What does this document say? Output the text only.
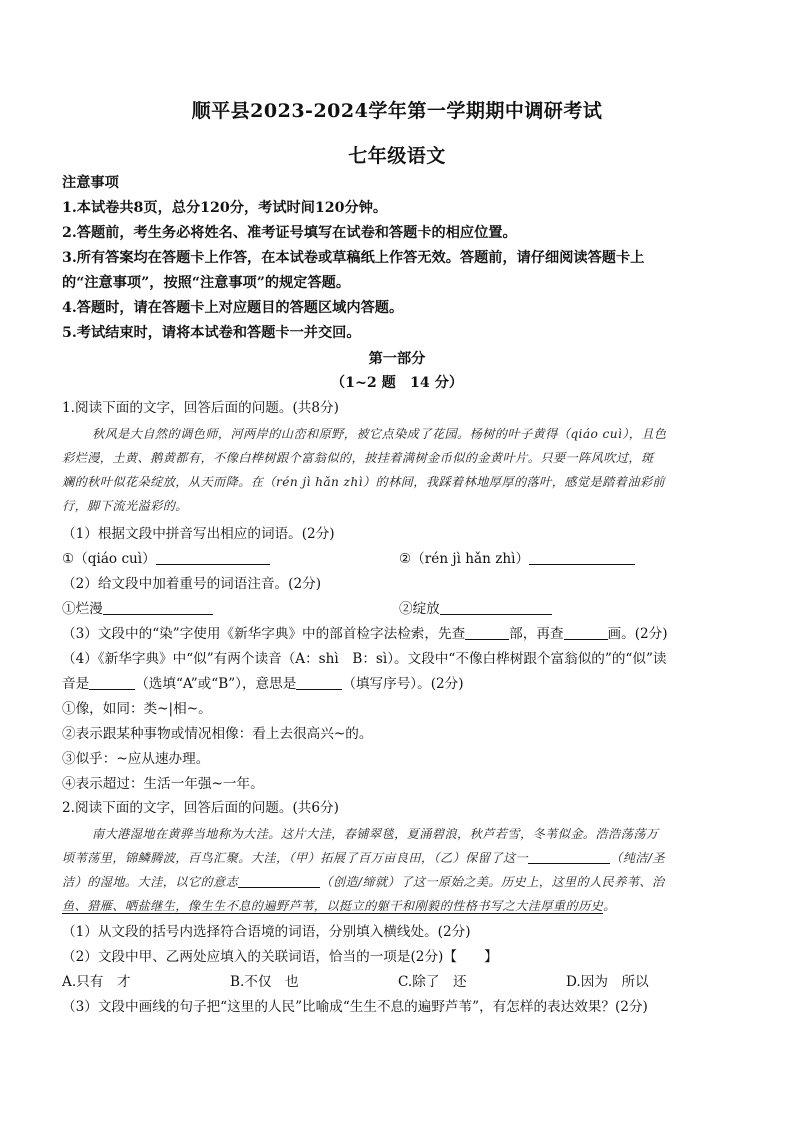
顺平县2023-2024学年第一学期期中调研考试
七年级语文
注意事项
1.本试卷共8页，总分120分，考试时间120分钟。
2.答题前，考生务必将姓名、准考证号填写在试卷和答题卡的相应位置。
3.所有答案均在答题卡上作答，在本试卷或草稿纸上作答无效。答题前，请仔细阅读答题卡上
的“注意事项”，按照“注意事项”的规定答题。
4.答题时，请在答题卡上对应题目的答题区域内答题。
5.考试结束时，请将本试卷和答题卡一并交回。
第一部分
（1~2 题　14 分）
1.阅读下面的文字，回答后面的问题。(共8分)
秋风是大自然的调色师，河两岸的山峦和原野，被它点染成了花园。杨树的叶子黄得（qiáo cuì），且色
彩烂漫，土黄、鹅黄都有，不像白桦树跟个富翁似的，披挂着满树金币似的金黄叶片。只要一阵风吹过，斑
斓的秋叶似花朵绽放，从天而降。在（rén jì hǎn zhì）的林间，我踩着林地厚厚的落叶，感觉是踏着油彩前
行，脚下流光溢彩的。
（1）根据文段中拼音写出相应的词语。(2分)
①（qiáo cuì）	②（rén jì hǎn zhì）
（2）给文段中加着重号的词语注音。(2分)
①烂漫	②绽放
（3）文段中的“染”字使用《新华字典》中的部首检字法检索，先查	部，再查	画。(2分)
（4）《新华字典》中“似”有两个读音（A：shì　B：sì）。文段中“不像白桦树跟个富翁似的”的“似”读
音是	（选填“A”或“B”），意思是	（填写序号）。(2分)
①像，如同：类~|相~。
②表示跟某种事物或情况相像：看上去很高兴~的。
③似乎：~应从速办理。
④表示超过：生活一年强~一年。
2.阅读下面的文字，回答后面的问题。(共6分)
南大港湿地在黄骅当地称为大洼。这片大洼，春铺翠毯，夏涌碧浪，秋芦若雪，冬苇似金。浩浩荡荡万
顷苇荡里，锦鳞腾波，百鸟汇聚。大洼，（甲）拓展了百万亩良田，（乙）保留了这一	（纯洁/圣
洁）的湿地。大洼，以它的意志	（创造/缔就）了这一原始之美。历史上，这里的人民养苇、治
鱼、猎雁、晒盐继生，像生生不息的遍野芦苇，以挺立的躯干和刚毅的性格书写之大洼厚重的历史。
（1）从文段的括号内选择符合语境的词语，分别填入横线处。(2分)
（2）文段中甲、乙两处应填入的关联词语，恰当的一项是(2分)【　　】
A.只有　才	B.不仅　也	C.除了　还	D.因为　所以
（3）文段中画线的句子把“这里的人民”比喻成“生生不息的遍野芦苇”，有怎样的表达效果？(2分)
